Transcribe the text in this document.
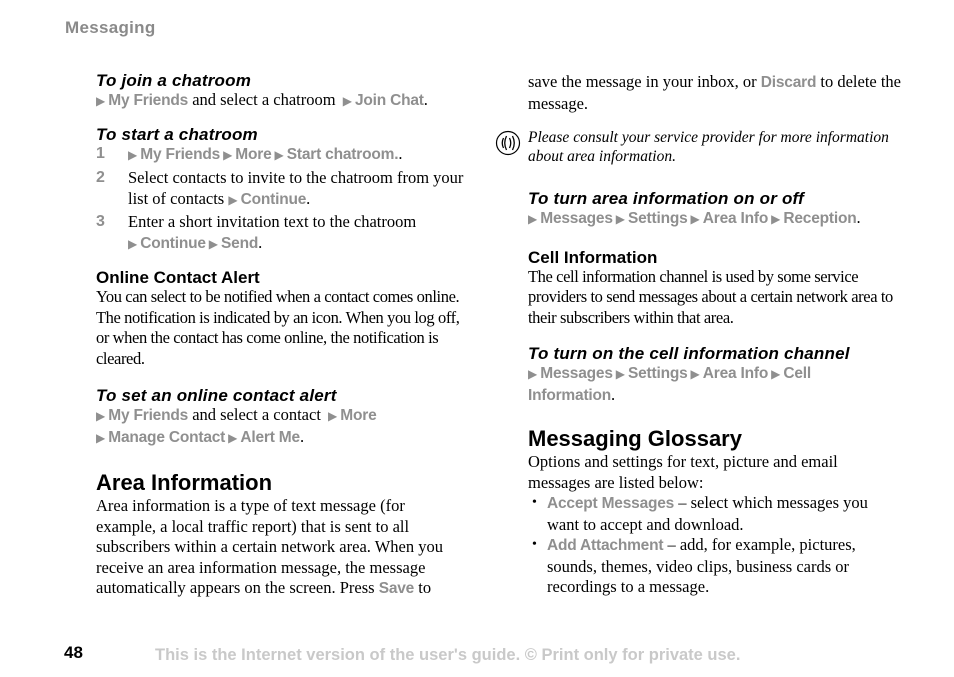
Messaging
To join a chatroom

▶ My Friends and select a chatroom ▶ Join Chat.

To start a chatroom
1 ▶ My Friends ▶ More ▶ Start chatroom..
2 Select contacts to invite to the chatroom from your list of contacts ▶ Continue.
3 Enter a short invitation text to the chatroom
▶ Continue ▶ Send.
Online Contact Alert

You can select to be notified when a contact comes online. The notification is indicated by an icon. When you log off, or when the contact has come online, the notification is cleared.

To set an online contact alert

▶ My Friends and select a contact ▶ More
▶ Manage Contact ▶ Alert Me.

Area Information

Area information is a type of text message (for example, a local traffic report) that is sent to all subscribers within a certain network area. When you receive an area information message, the message automatically appears on the screen. Press Save to

save the message in your inbox, or Discard to delete the message.

Please consult your service provider for more information about area information.

To turn area information on or off

▶ Messages ▶ Settings ▶ Area Info ▶ Reception.

Cell Information

The cell information channel is used by some service providers to send messages about a certain network area to their subscribers within that area.

To turn on the cell information channel

▶ Messages ▶ Settings ▶ Area Info ▶ Cell Information.

Messaging Glossary

Options and settings for text, picture and email messages are listed below:

• Accept Messages – select which messages you want to accept and download.
• Add Attachment – add, for example, pictures, sounds, themes, video clips, business cards or recordings to a message.
48	This is the Internet version of the user's guide. © Print only for private use.
